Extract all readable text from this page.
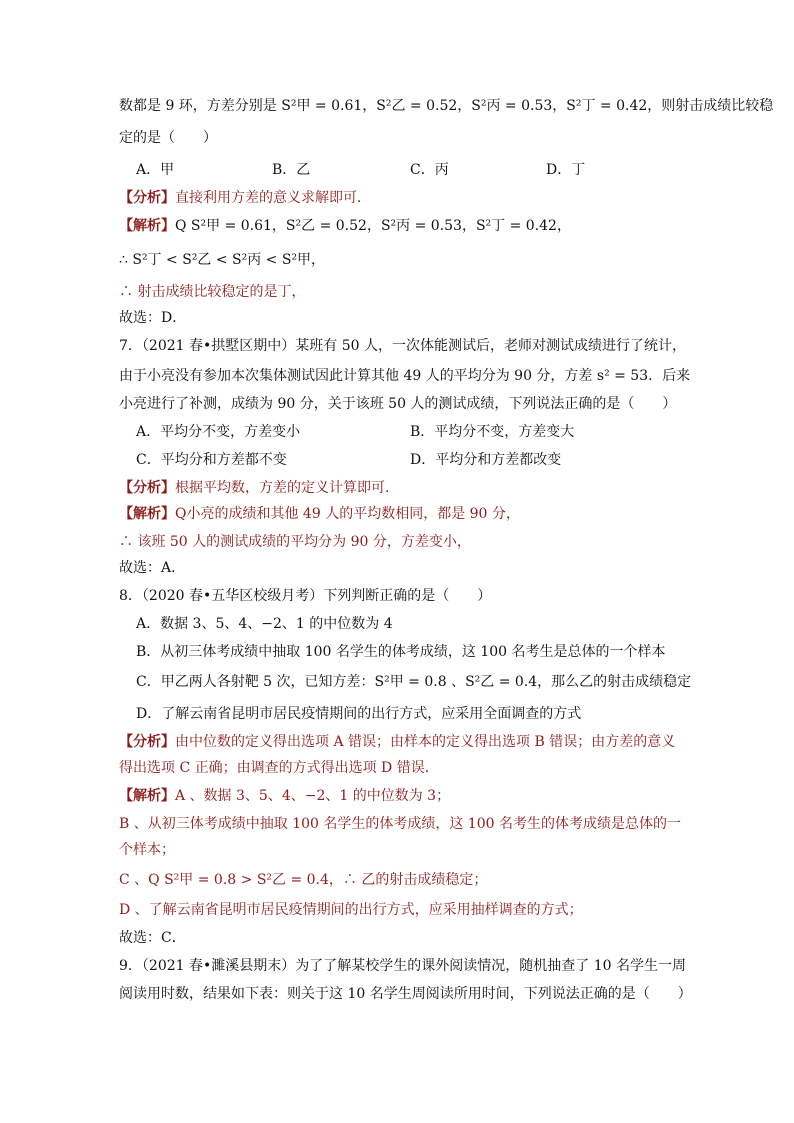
数都是 9 环，方差分别是 S²甲 = 0.61，S²乙 = 0.52，S²丙 = 0.53，S²丁 = 0.42，则射击成绩比较稳
定的是（　　）
A．甲	B．乙	C．丙	D．丁
【分析】直接利用方差的意义求解即可．
【解析】Q S²甲 = 0.61，S²乙 = 0.52，S²丙 = 0.53，S²丁 = 0.42，
∴ S²丁 < S²乙 < S²丙 < S²甲，
∴ 射击成绩比较稳定的是丁，
故选：D．
7．（2021 春•拱墅区期中）某班有 50 人，一次体能测试后，老师对测试成绩进行了统计，
由于小亮没有参加本次集体测试因此计算其他 49 人的平均分为 90 分，方差 s² = 53．后来
小亮进行了补测，成绩为 90 分，关于该班 50 人的测试成绩，下列说法正确的是（　　）
A．平均分不变，方差变小	B．平均分不变，方差变大
C．平均分和方差都不变	D．平均分和方差都改变
【分析】根据平均数，方差的定义计算即可．
【解析】Q小亮的成绩和其他 49 人的平均数相同，都是 90 分，
∴ 该班 50 人的测试成绩的平均分为 90 分，方差变小，
故选：A．
8．（2020 春•五华区校级月考）下列判断正确的是（　　）
A．数据 3、5、4、−2、1 的中位数为 4
B．从初三体考成绩中抽取 100 名学生的体考成绩，这 100 名考生是总体的一个样本
C．甲乙两人各射靶 5 次，已知方差：S²甲 = 0.8 、S²乙 = 0.4，那么乙的射击成绩稳定
D．了解云南省昆明市居民疫情期间的出行方式，应采用全面调查的方式
【分析】由中位数的定义得出选项 A 错误；由样本的定义得出选项 B 错误；由方差的意义
得出选项 C 正确；由调查的方式得出选项 D 错误．
【解析】A 、数据 3、5、4、−2、1 的中位数为 3；
B 、从初三体考成绩中抽取 100 名学生的体考成绩，这 100 名考生的体考成绩是总体的一
个样本；
C 、Q S²甲 = 0.8 > S²乙 = 0.4，∴ 乙的射击成绩稳定；
D 、了解云南省昆明市居民疫情期间的出行方式，应采用抽样调查的方式；
故选：C．
9．（2021 春•濉溪县期末）为了了解某校学生的课外阅读情况，随机抽查了 10 名学生一周
阅读用时数，结果如下表：则关于这 10 名学生周阅读所用时间，下列说法正确的是（　　）
